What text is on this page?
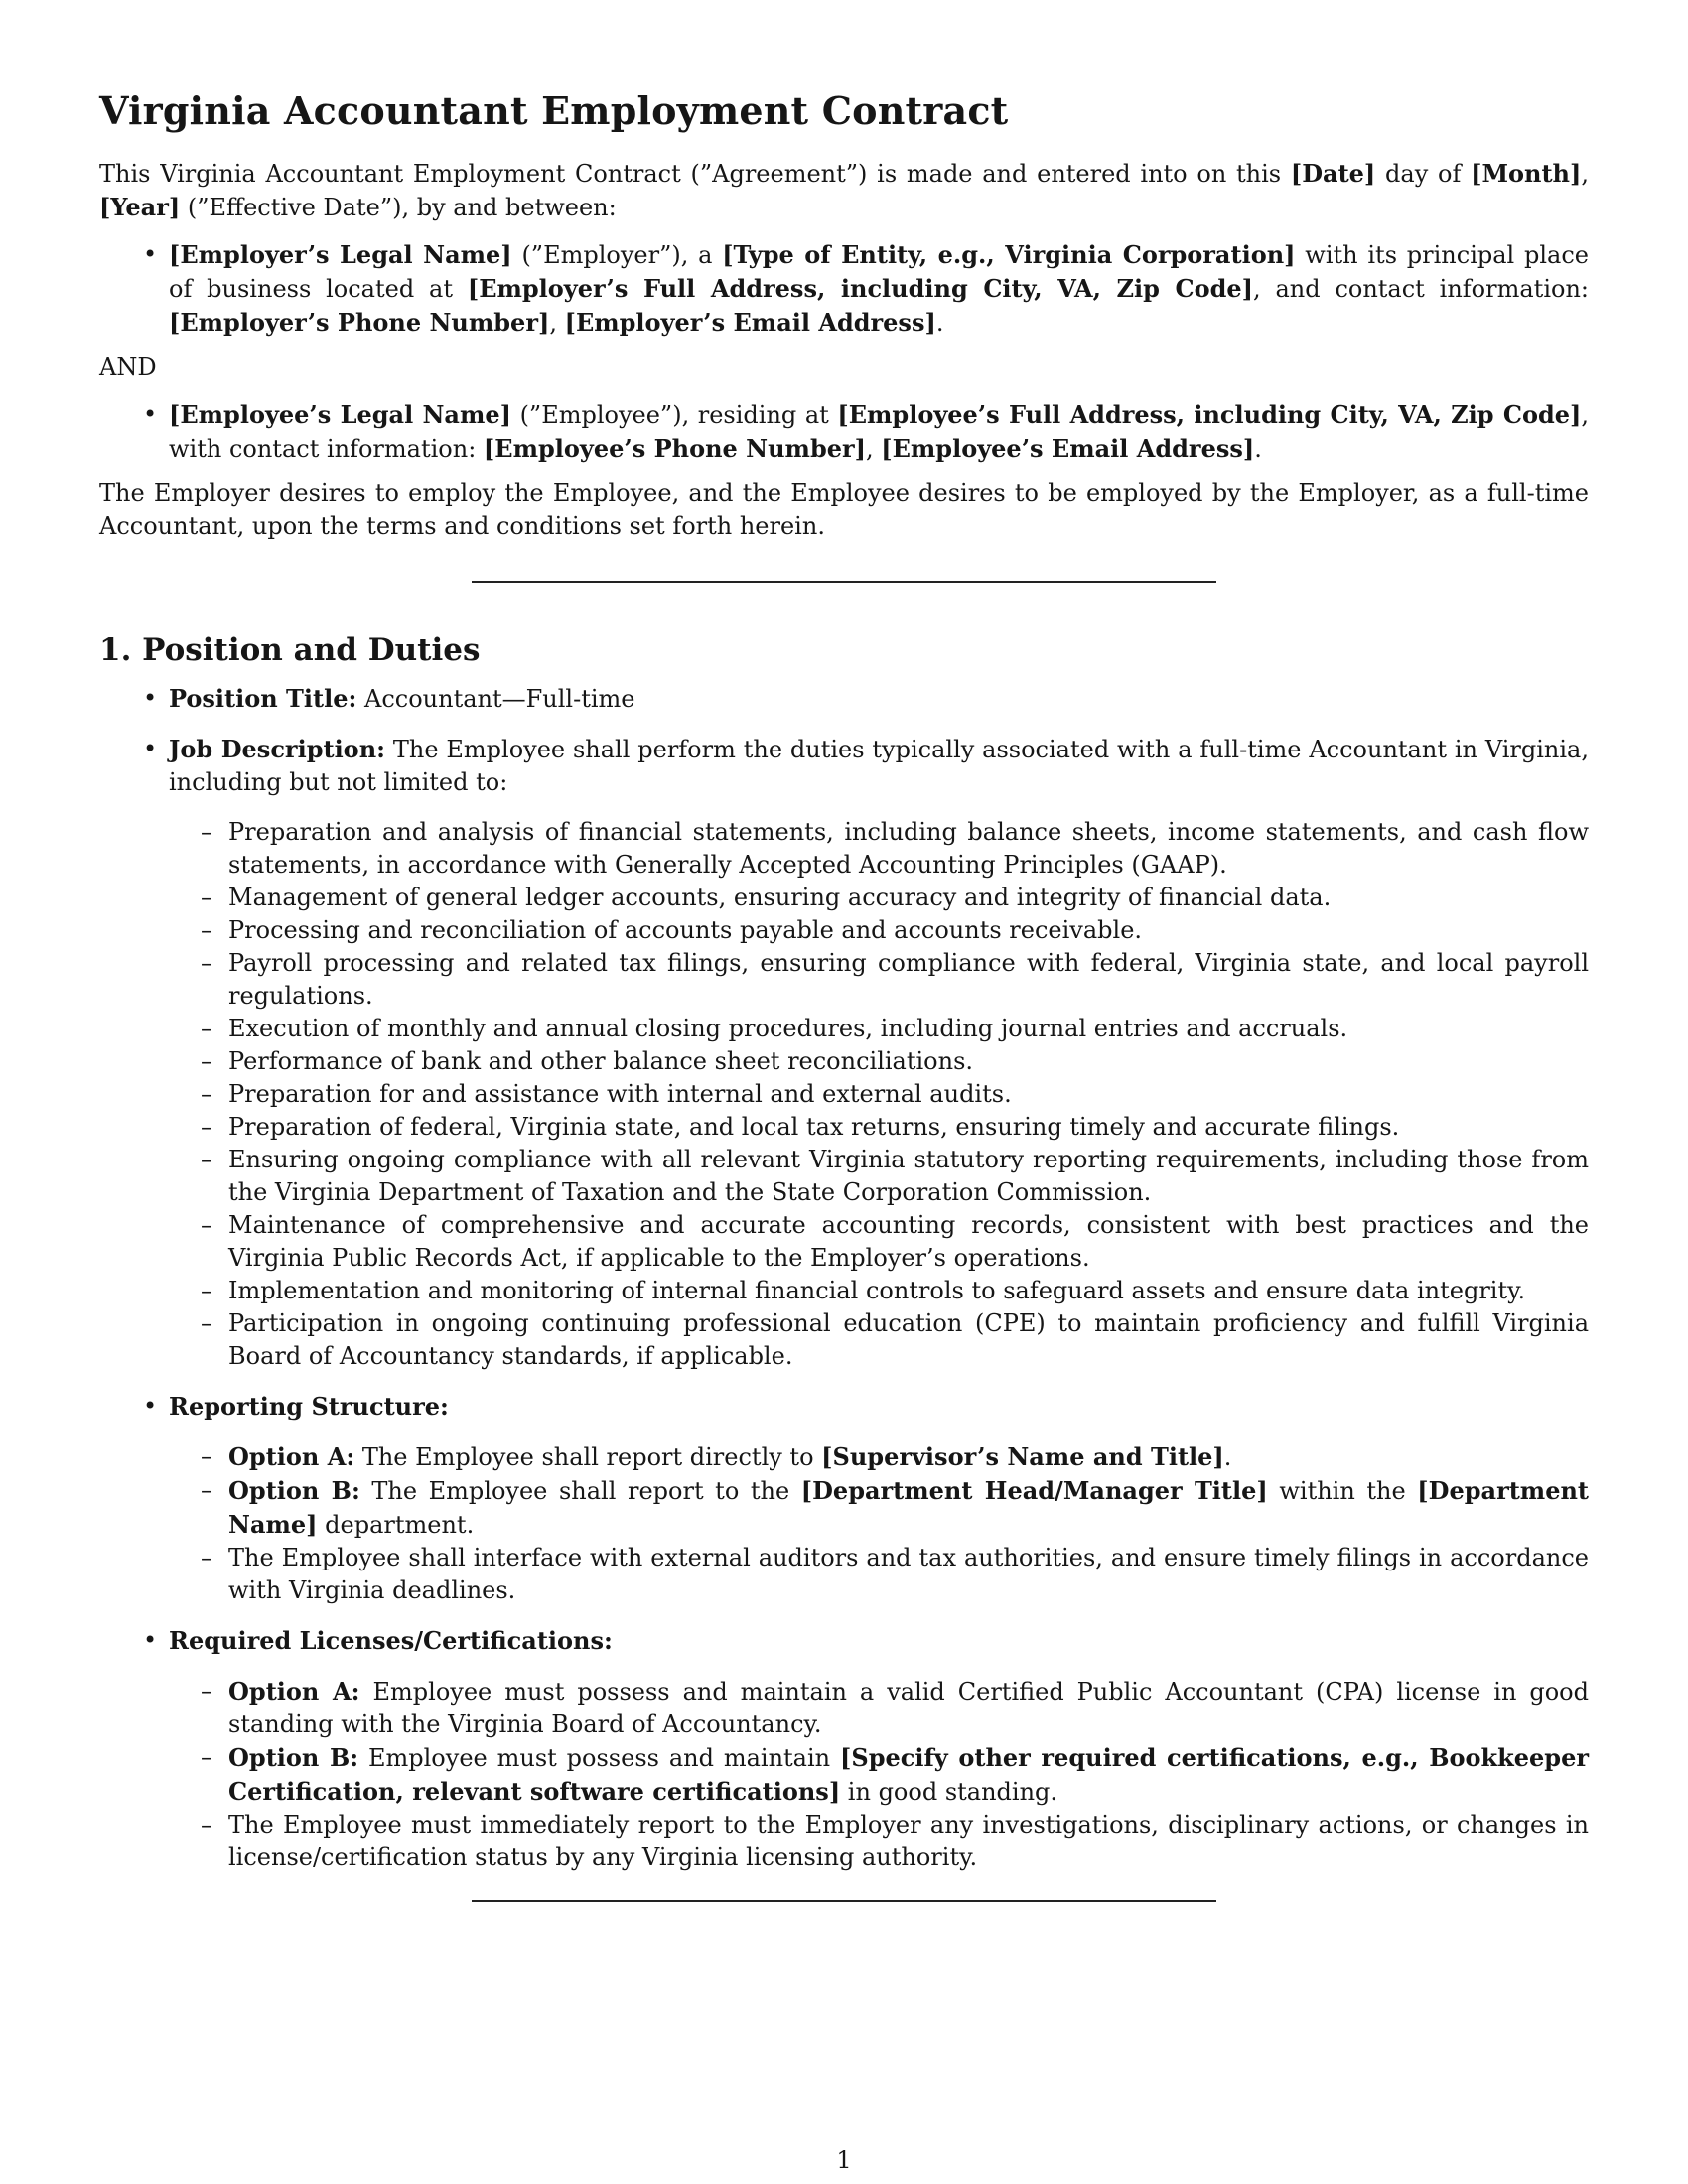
Virginia Accountant Employment Contract

This Virginia Accountant Employment Contract (”Agreement”) is made and entered into on this [Date] day of [Month], [Year] (”Effective Date”), by and between:

• [Employer’s Legal Name] (”Employer”), a [Type of Entity, e.g., Virginia Corporation] with its principal place of business located at [Employer’s Full Address, including City, VA, Zip Code], and contact information: [Employer’s Phone Number], [Employer’s Email Address].

AND

• [Employee’s Legal Name] (”Employee”), residing at [Employee’s Full Address, including City, VA, Zip Code], with contact information: [Employee’s Phone Number], [Employee’s Email Address].

The Employer desires to employ the Employee, and the Employee desires to be employed by the Employer, as a full-time Accountant, upon the terms and conditions set forth herein.

1. Position and Duties
• Position Title: Accountant—Full-time
• Job Description: The Employee shall perform the duties typically associated with a full-time Accountant in Virginia, including but not limited to:
– Preparation and analysis of financial statements, including balance sheets, income statements, and cash flow statements, in accordance with Generally Accepted Accounting Principles (GAAP).
– Management of general ledger accounts, ensuring accuracy and integrity of financial data.
– Processing and reconciliation of accounts payable and accounts receivable.
– Payroll processing and related tax filings, ensuring compliance with federal, Virginia state, and local payroll regulations.
– Execution of monthly and annual closing procedures, including journal entries and accruals.
– Performance of bank and other balance sheet reconciliations.
– Preparation for and assistance with internal and external audits.
– Preparation of federal, Virginia state, and local tax returns, ensuring timely and accurate filings.
– Ensuring ongoing compliance with all relevant Virginia statutory reporting requirements, including those from the Virginia Department of Taxation and the State Corporation Commission.
– Maintenance of comprehensive and accurate accounting records, consistent with best practices and the Virginia Public Records Act, if applicable to the Employer’s operations.
– Implementation and monitoring of internal financial controls to safeguard assets and ensure data integrity.
– Participation in ongoing continuing professional education (CPE) to maintain proficiency and fulfill Virginia Board of Accountancy standards, if applicable.
• Reporting Structure:
– Option A: The Employee shall report directly to [Supervisor’s Name and Title].
– Option B: The Employee shall report to the [Department Head/Manager Title] within the [Department Name] department.
– The Employee shall interface with external auditors and tax authorities, and ensure timely filings in accordance with Virginia deadlines.
• Required Licenses/Certifications:
– Option A: Employee must possess and maintain a valid Certified Public Accountant (CPA) license in good standing with the Virginia Board of Accountancy.
– Option B: Employee must possess and maintain [Specify other required certifications, e.g., Bookkeeper Certification, relevant software certifications] in good standing.
– The Employee must immediately report to the Employer any investigations, disciplinary actions, or changes in license/certification status by any Virginia licensing authority.
1
